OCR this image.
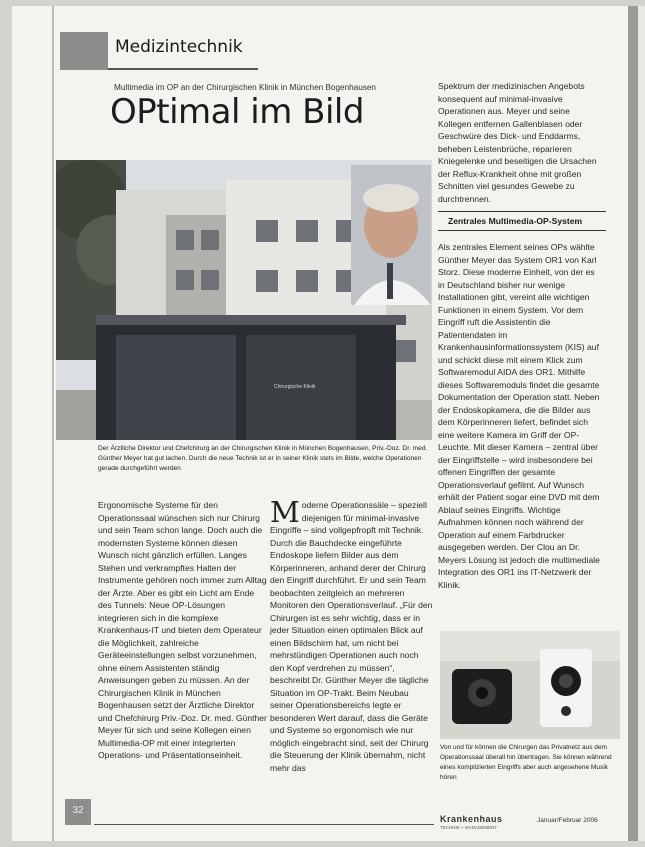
Medizintechnik
Multimedia im OP an der Chirurgischen Klinik in München Bogenhausen
OPtimal im Bild
Chirurgische Klinik
Der Ärztliche Direktor und Chefchirurg an der Chirurgischen Klinik in München Bogenhausen, Priv.-Doz. Dr. med. Günther Meyer hat gut lachen. Durch die neue Technik ist er in seiner Klinik stets im Bilde, welche Operationen gerade durchgeführt werden

Ergonomische Systeme für den Operationssaal wünschen sich nur Chirurg und sein Team schon lange. Doch auch die modernsten Systeme können diesen Wunsch nicht gänzlich erfüllen. Langes Stehen und verkrampftes Halten der Instrumente gehören noch immer zum Alltag der Ärzte. Aber es gibt ein Licht am Ende des Tunnels: Neue OP-Lösungen integrieren sich in die komplexe Krankenhaus-IT und bieten dem Operateur die Möglichkeit, zahlreiche Geräteeinstellungen selbst vorzunehmen, ohne einem Assistenten ständig Anweisungen geben zu müssen. An der Chirurgischen Klinik in München Bogenhausen setzt der Ärztliche Direktor und Chefchirurg Priv.-Doz. Dr. med. Günther Meyer für sich und seine Kollegen einen Multimedia-OP mit einer integrierten Operations- und Präsentationseinheit.

M oderne Operationssäle – speziell diejenigen für minimal-invasive Eingriffe – sind vollgepfropft mit Technik. Durch die Bauchdecke eingeführte Endoskope liefern Bilder aus dem Körperinneren, anhand derer der Chirurg den Eingriff durchführt. Er und sein Team beobachten zeitgleich an mehreren Monitoren den Operationsverlauf. „Für den Chirurgen ist es sehr wichtig, dass er in jeder Situation einen optimalen Blick auf einen Bildschirm hat, um nicht bei mehrstündigen Operationen auch noch den Kopf verdrehen zu müssen“, beschreibt Dr. Günther Meyer die tägliche Situation im OP-Trakt. Beim Neubau seiner Operationsbereichs legte er besonderen Wert darauf, dass die Geräte und Systeme so ergonomisch wie nur möglich eingebracht sind, seit der Chirurg die Steuerung der Klinik übernahm, nicht mehr das

Spektrum der medizinischen Angebots konsequent auf minimal-invasive Operationen aus. Meyer und seine Kollegen entfernen Gallenblasen oder Geschwüre des Dick- und Enddarms, beheben Leistenbrüche, reparieren Kniegelenke und beseitigen die Ursachen der Reflux-Krankheit ohne mit großen Schnitten viel gesundes Gewebe zu durchtrennen.

Zentrales Multimedia-OP-System

Als zentrales Element seines OPs wählte Günther Meyer das System OR1 von Karl Storz. Diese moderne Einheit, von der es in Deutschland bisher nur wenige Installationen gibt, vereint alle wichtigen Funktionen in einem System. Vor dem Eingriff ruft die Assistentin die Patientendaten im Krankenhausinformationssystem (KIS) auf und schickt diese mit einem Klick zum Softwaremodul AIDA des OR1. Mithilfe dieses Softwaremoduls findet die gesamte Dokumentation der Operation statt. Neben der Endoskopkamera, die die Bilder aus dem Körperinneren liefert, befindet sich eine weitere Kamera im Griff der OP-Leuchte. Mit dieser Kamera – zentral über der Eingriffstelle – wird insbesondere bei offenen Eingriffen der gesamte Operationsverlauf gefilmt. Auf Wunsch erhält der Patient sogar eine DVD mit dem Ablauf seines Eingriffs. Wichtige Aufnahmen können noch während der Operation auf einem Farbdrucker ausgegeben werden. Der Clou an Dr. Meyers Lösung ist jedoch die multimediale Integration des OR1 ins IT-Netzwerk der Klinik.

Von und für können die Chirurgen das Privatnetz aus dem Operationssaal überall hin übertragen. Sie können während eines komplizierten Eingriffs aber auch angesehene Musik hören
32
Krankenhaus
TECHNIK + MANAGEMENT
Januar/Februar 2006
